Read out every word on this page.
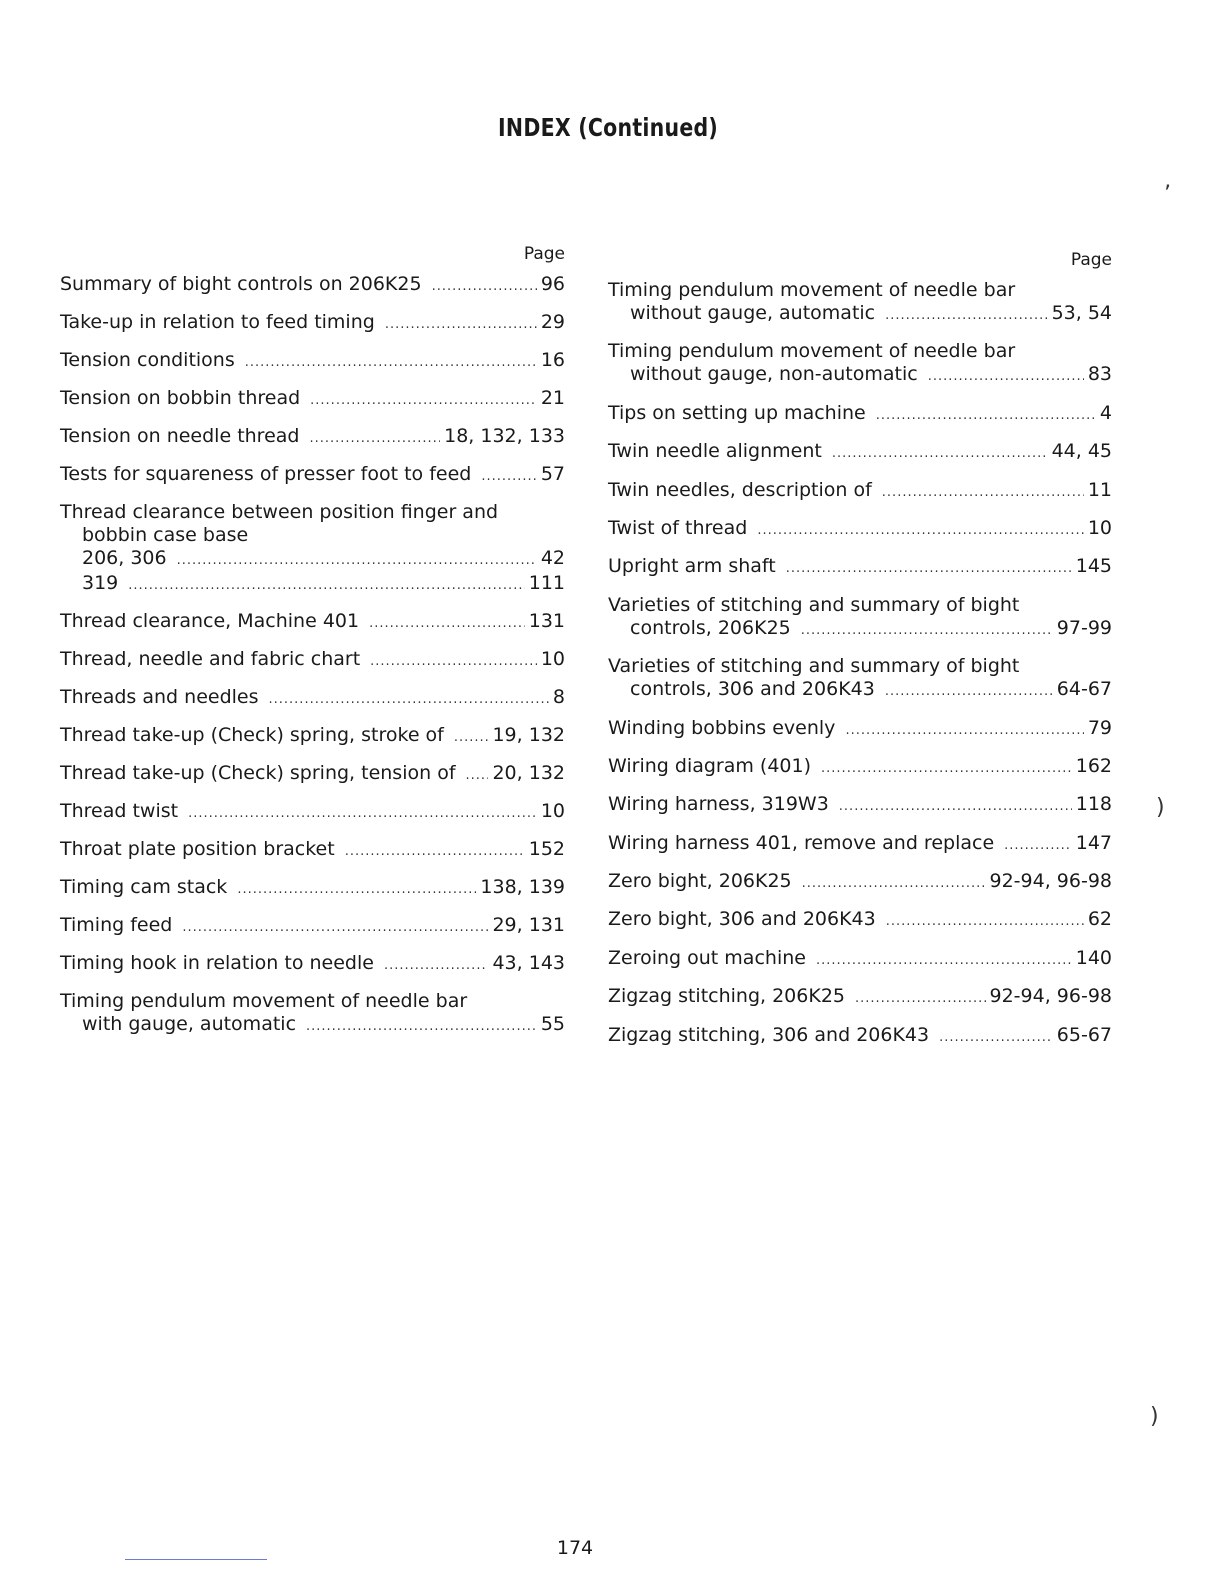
INDEX (Continued)
Page
Summary of bight controls on 206K25 .....	96
Take-up in relation to feed timing .....	29
Tension conditions .....	16
Tension on bobbin thread .....	21
Tension on needle thread .....	18, 132, 133
Tests for squareness of presser foot to feed .....	57
Thread clearance between position finger and
bobbin case base
206, 306 .....	42
319 .....	111
Thread clearance, Machine 401 .....	131
Thread, needle and fabric chart .....	10
Threads and needles .....	8
Thread take-up (Check) spring, stroke of .....	19, 132
Thread take-up (Check) spring, tension of ..... 20, 132
Thread twist .....	10
Throat plate position bracket .....	152
Timing cam stack .....	138, 139
Timing feed .....	29, 131
Timing hook in relation to needle .....	43, 143
Timing pendulum movement of needle bar
with gauge, automatic .....	55
Page
Timing pendulum movement of needle bar
without gauge, automatic .....	53, 54
Timing pendulum movement of needle bar
without gauge, non-automatic .....	83
Tips on setting up machine .....	4
Twin needle alignment .....	44, 45
Twin needles, description of .....	11
Twist of thread .....	10
Upright arm shaft .....	145
Varieties of stitching and summary of bight
controls, 206K25 .....	97-99
Varieties of stitching and summary of bight
controls, 306 and 206K43 .....	64-67
Winding bobbins evenly .....	79
Wiring diagram (401) .....	162
Wiring harness, 319W3 .....	118
Wiring harness 401, remove and replace .....	147
Zero bight, 206K25 .....	92-94, 96-98
Zero bight, 306 and 206K43 .....	62
Zeroing out machine .....	140
Zigzag stitching, 206K25 .....	92-94, 96-98
Zigzag stitching, 306 and 206K43 .....	65-67
174
’
)
)
